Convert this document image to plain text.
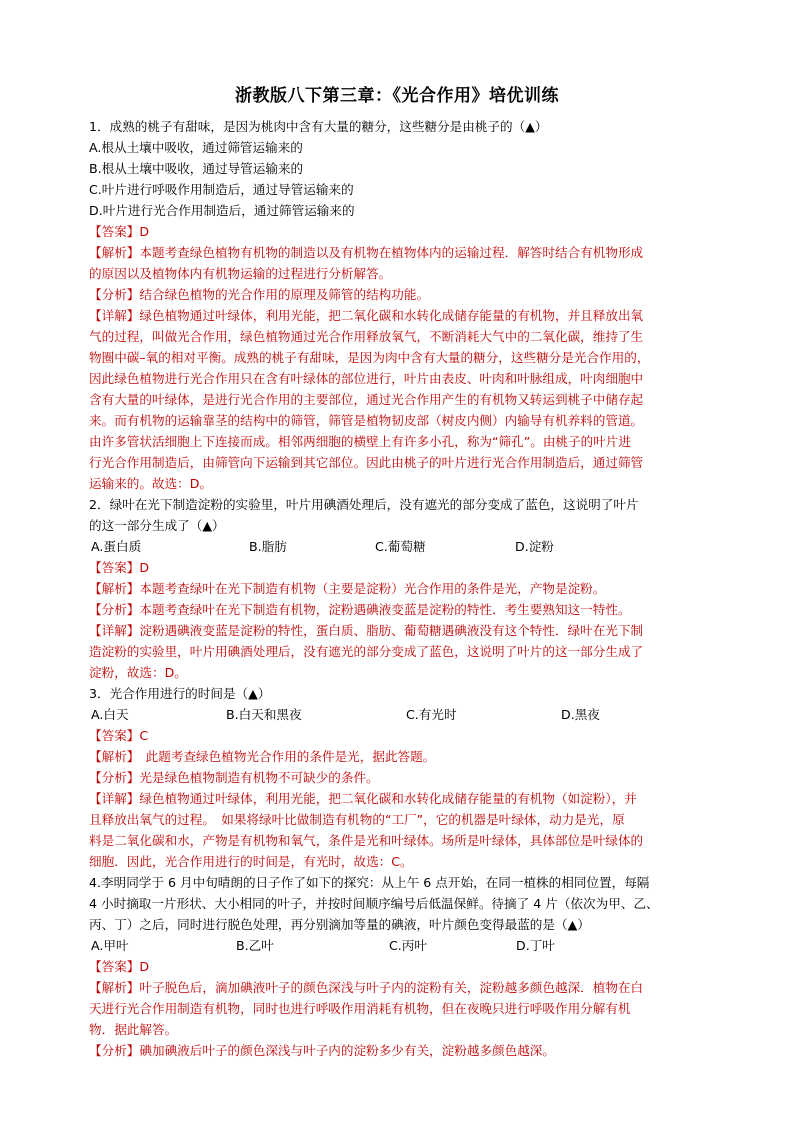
浙教版八下第三章：《光合作用》培优训练

1．成熟的桃子有甜味，是因为桃肉中含有大量的糖分，这些糖分是由桃子的（▲）

A.根从土壤中吸收，通过筛管运输来的

B.根从土壤中吸收，通过导管运输来的

C.叶片进行呼吸作用制造后，通过导管运输来的

D.叶片进行光合作用制造后，通过筛管运输来的

【答案】D

【解析】本题考查绿色植物有机物的制造以及有机物在植物体内的运输过程．解答时结合有机物形成

的原因以及植物体内有机物运输的过程进行分析解答。

【分析】结合绿色植物的光合作用的原理及筛管的结构功能。

【详解】绿色植物通过叶绿体，利用光能，把二氧化碳和水转化成储存能量的有机物，并且释放出氧

气的过程，叫做光合作用，绿色植物通过光合作用释放氧气，不断消耗大气中的二氧化碳，维持了生

物圈中碳–氧的相对平衡。成熟的桃子有甜味，是因为肉中含有大量的糖分，这些糖分是光合作用的，

因此绿色植物进行光合作用只在含有叶绿体的部位进行，叶片由表皮、叶肉和叶脉组成，叶肉细胞中

含有大量的叶绿体，是进行光合作用的主要部位，通过光合作用产生的有机物又转运到桃子中储存起

来。而有机物的运输靠茎的结构中的筛管，筛管是植物韧皮部（树皮内侧）内输导有机养料的管道。

由许多管状活细胞上下连接而成。相邻两细胞的横壁上有许多小孔，称为“筛孔”。由桃子的叶片进

行光合作用制造后，由筛管向下运输到其它部位。因此由桃子的叶片进行光合作用制造后，通过筛管

运输来的。故选：D。

2．绿叶在光下制造淀粉的实验里，叶片用碘酒处理后，没有遮光的部分变成了蓝色，这说明了叶片

的这一部分生成了（▲）

A.蛋白质	B.脂肪	C.葡萄糖	D.淀粉

【答案】D

【解析】本题考查绿叶在光下制造有机物（主要是淀粉）光合作用的条件是光，产物是淀粉。

【分析】本题考查绿叶在光下制造有机物，淀粉遇碘液变蓝是淀粉的特性．考生要熟知这一特性。

【详解】淀粉遇碘液变蓝是淀粉的特性，蛋白质、脂肪、葡萄糖遇碘液没有这个特性．绿叶在光下制

造淀粉的实验里，叶片用碘酒处理后，没有遮光的部分变成了蓝色，这说明了叶片的这一部分生成了

淀粉，故选：D。

3．光合作用进行的时间是（▲）

A.白天	B.白天和黑夜	C.有光时	D.黑夜

【答案】C

【解析】　此题考查绿色植物光合作用的条件是光，据此答题。

【分析】光是绿色植物制造有机物不可缺少的条件。

【详解】绿色植物通过叶绿体，利用光能，把二氧化碳和水转化成储存能量的有机物（如淀粉），并

且释放出氧气的过程。　如果将绿叶比做制造有机物的“工厂”，它的机器是叶绿体，动力是光，原

料是二氧化碳和水，产物是有机物和氧气，条件是光和叶绿体。场所是叶绿体，具体部位是叶绿体的

细胞．因此，光合作用进行的时间是，有光时，故选：C。

4.李明同学于 6 月中旬晴朗的日子作了如下的探究：从上午 6 点开始，在同一植株的相同位置，每隔

4 小时摘取一片形状、大小相同的叶子，并按时间顺序编号后低温保鲜。待摘了 4 片（依次为甲、乙、

丙、丁）之后，同时进行脱色处理，再分别滴加等量的碘液，叶片颜色变得最蓝的是（▲）

A.甲叶	B.乙叶	C.丙叶	D.丁叶

【答案】D

【解析】叶子脱色后，滴加碘液叶子的颜色深浅与叶子内的淀粉有关，淀粉越多颜色越深．植物在白

天进行光合作用制造有机物，同时也进行呼吸作用消耗有机物，但在夜晚只进行呼吸作用分解有机

物．据此解答。

【分析】碘加碘液后叶子的颜色深浅与叶子内的淀粉多少有关，淀粉越多颜色越深。
